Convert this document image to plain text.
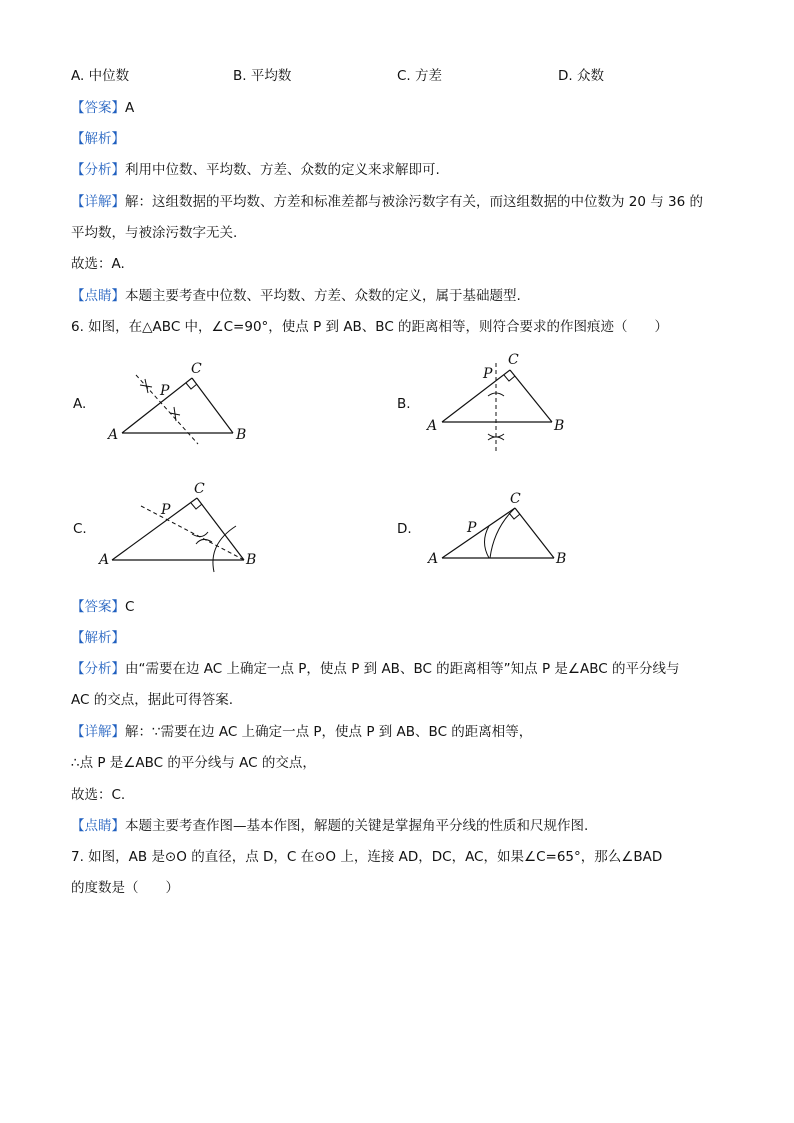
A. 中位数	B. 平均数	C. 方差	D. 众数
【答案】A
【解析】
【分析】利用中位数、平均数、方差、众数的定义来求解即可.
【详解】解：这组数据的平均数、方差和标准差都与被涂污数字有关，而这组数据的中位数为 20 与 36 的
平均数，与被涂污数字无关.
故选：A.
【点睛】本题主要考查中位数、平均数、方差、众数的定义，属于基础题型.
6. 如图，在△ABC 中，∠C=90°，使点 P 到 AB、BC 的距离相等，则符合要求的作图痕迹（　　）
A.	B.
C.	D.
A	B
C
P
A	B
C
P
A	B
C
P
A	B
C
P
【答案】C
【解析】
【分析】由“需要在边 AC 上确定一点 P，使点 P 到 AB、BC 的距离相等”知点 P 是∠ABC 的平分线与
AC 的交点，据此可得答案.
【详解】解：∵需要在边 AC 上确定一点 P，使点 P 到 AB、BC 的距离相等，
∴点 P 是∠ABC 的平分线与 AC 的交点，
故选：C.
【点睛】本题主要考查作图—基本作图，解题的关键是掌握角平分线的性质和尺规作图.
7. 如图，AB 是⊙O 的直径，点 D，C 在⊙O 上，连接 AD，DC，AC，如果∠C=65°，那么∠BAD
的度数是（　　）
